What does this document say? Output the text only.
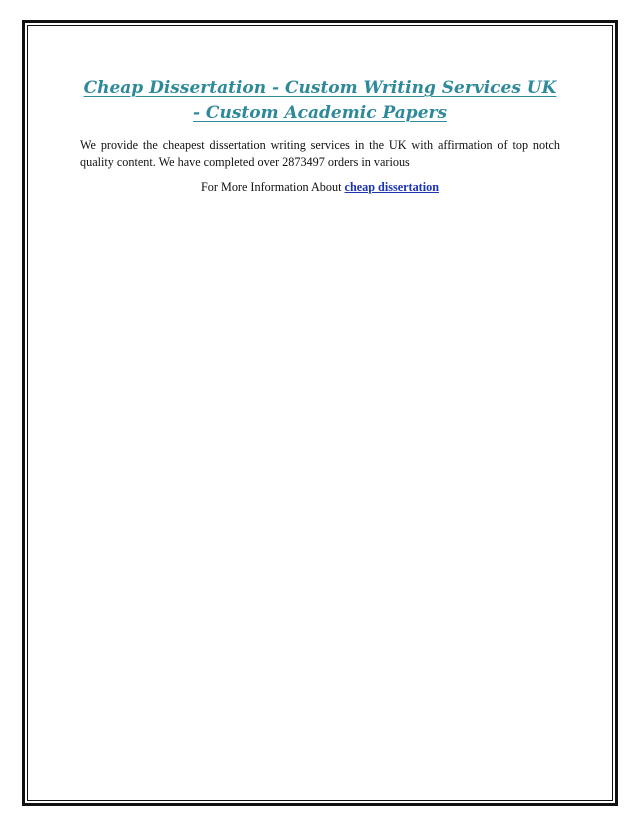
Cheap Dissertation - Custom Writing Services UK - Custom Academic Papers

We provide the cheapest dissertation writing services in the UK with affirmation of top notch quality content. We have completed over 2873497 orders in various

For More Information About cheap dissertation
